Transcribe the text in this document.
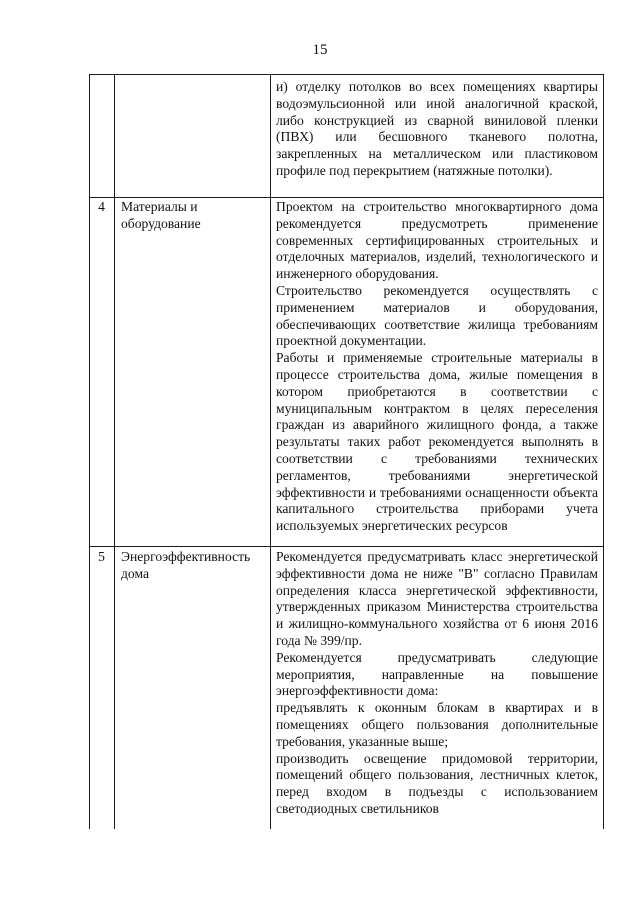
15

и) отделку потолков во всех помещениях квартиры водоэмульсионной или иной аналогичной краской, либо конструкцией из сварной виниловой пленки (ПВХ) или бесшовного тканевого полотна, закрепленных на металлическом или пластиковом профиле под перекрытием (натяжные потолки).

4	Материалы и оборудование

Проектом на строительство многоквартирного дома рекомендуется предусмотреть применение современных сертифицированных строительных и отделочных материалов, изделий, технологического и инженерного оборудования.

Строительство рекомендуется осуществлять с применением материалов и оборудования, обеспечивающих соответствие жилища требованиям проектной документации.

Работы и применяемые строительные материалы в процессе строительства дома, жилые помещения в котором приобретаются в соответствии с муниципальным контрактом в целях переселения граждан из аварийного жилищного фонда, а также результаты таких работ рекомендуется выполнять в соответствии с требованиями технических регламентов, требованиями энергетической эффективности и требованиями оснащенности объекта капитального строительства приборами учета используемых энергетических ресурсов

5	Энергоэффективность дома

Рекомендуется предусматривать класс энергетической эффективности дома не ниже "В" согласно Правилам определения класса энергетической эффективности, утвержденных приказом Министерства строительства и жилищно-коммунального хозяйства от 6 июня 2016 года № 399/пр.

Рекомендуется предусматривать следующие мероприятия, направленные на повышение энергоэффективности дома:

предъявлять к оконным блокам в квартирах и в помещениях общего пользования дополнительные требования, указанные выше;

производить освещение придомовой территории, помещений общего пользования, лестничных клеток, перед входом в подъезды с использованием светодиодных светильников
